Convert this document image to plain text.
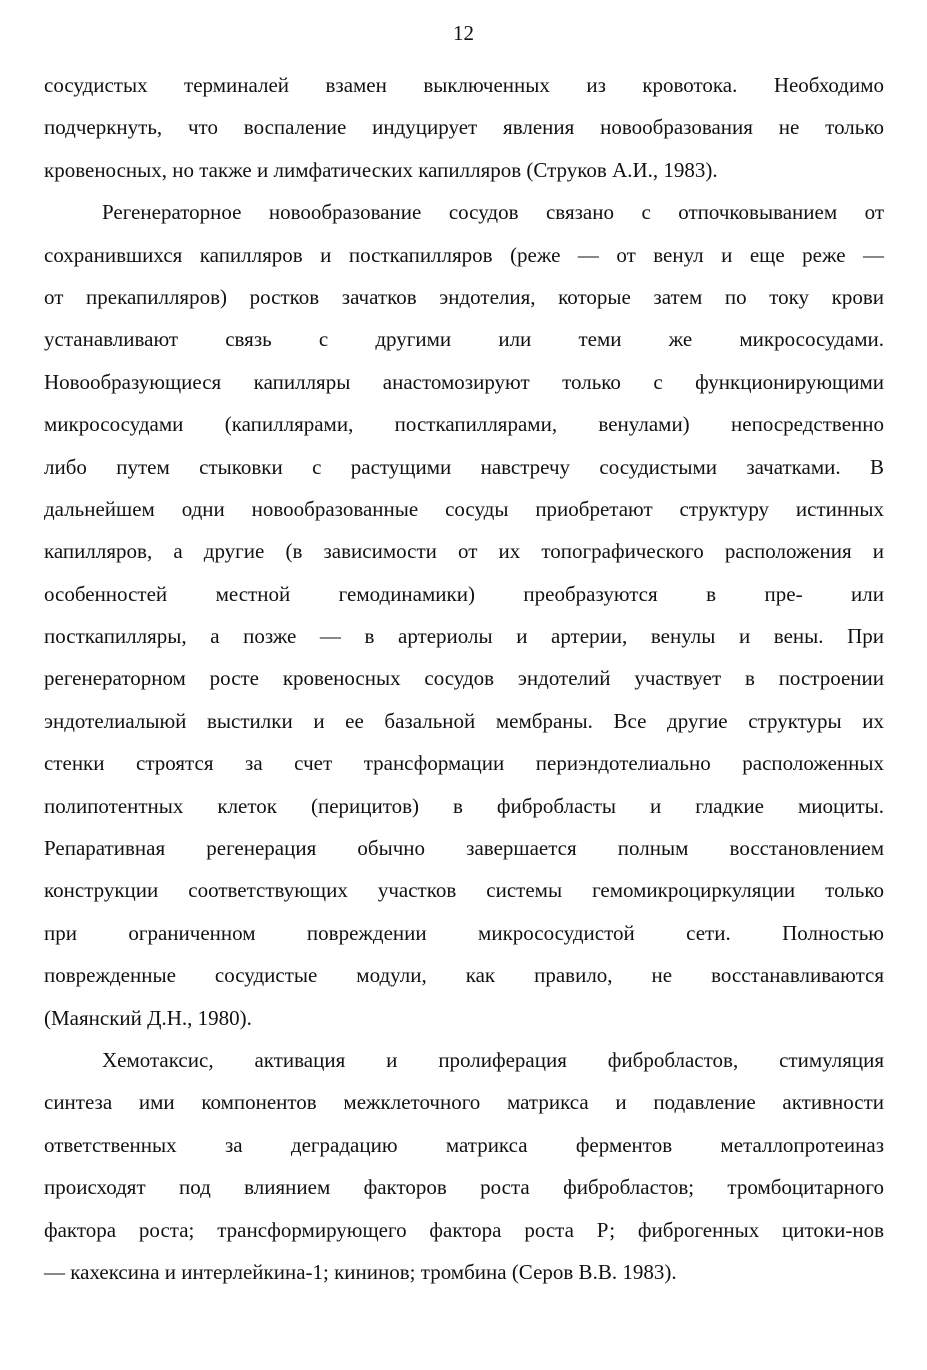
12

сосудистых терминалей взамен выключенных из кровотока. Необходимо
подчеркнуть, что воспаление индуцирует явления новообразования не только
кровеносных, но также и лимфатических капилляров (Струков А.И., 1983).

Регенераторное новообразование сосудов связано с отпочковыванием от
сохранившихся капилляров и посткапилляров (реже — от венул и еще реже —
от прекапилляров) ростков зачатков эндотелия, которые затем по току крови
устанавливают связь с другими или теми же микрососудами.
Новообразующиеся капилляры анастомозируют только с функционирующими
микрососудами (капиллярами, посткапиллярами, венулами) непосредственно
либо путем стыковки с растущими навстречу сосудистыми зачатками. В
дальнейшем одни новообразованные сосуды приобретают структуру истинных
капилляров, а другие (в зависимости от их топографического расположения и
особенностей местной гемодинамики) преобразуются в пре- или
посткапилляры, а позже — в артериолы и артерии, венулы и вены. При
регенераторном росте кровеносных сосудов эндотелий участвует в построении
эндотелиалыюй выстилки и ее базальной мембраны. Все другие структуры их
стенки строятся за счет трансформации периэндотелиально расположенных
полипотентных клеток (перицитов) в фибробласты и гладкие миоциты.
Репаративная регенерация обычно завершается полным восстановлением
конструкции соответствующих участков системы гемомикроциркуляции только
при ограниченном повреждении микрососудистой сети. Полностью
поврежденные сосудистые модули, как правило, не восстанавливаются
(Маянский Д.Н., 1980).

Хемотаксис, активация и пролиферация фибробластов, стимуляция
синтеза ими компонентов межклеточного матрикса и подавление активности
ответственных за деградацию матрикса ферментов металлопротеиназ
происходят под влиянием факторов роста фибробластов; тромбоцитарного
фактора роста; трансформирующего фактора роста Р; фиброгенных цитоки-нов
— кахексина и интерлейкина-1; кининов; тромбина (Серов В.В. 1983).
